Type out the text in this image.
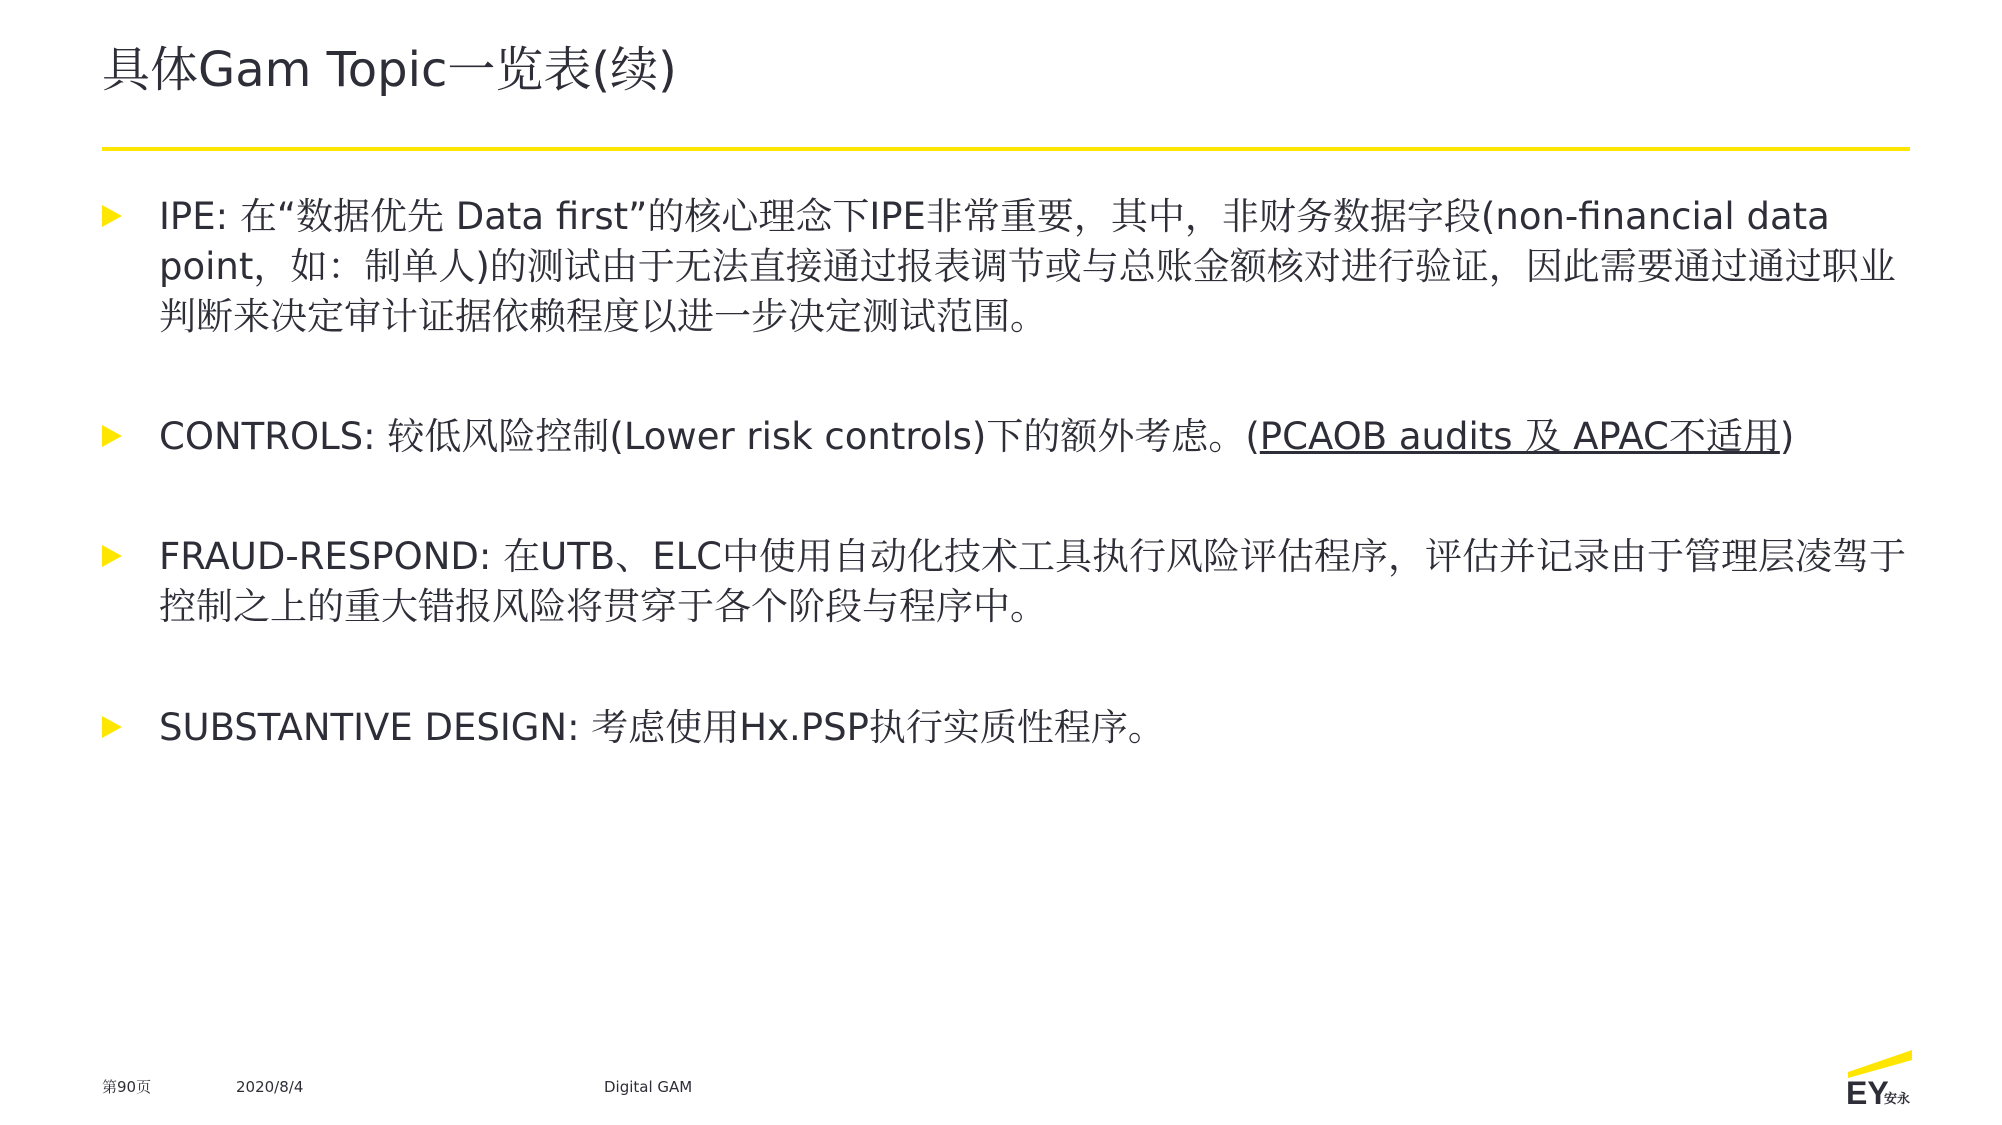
具体Gam Topic一览表(续)
IPE: 在“数据优先 Data first”的核心理念下IPE非常重要，其中，非财务数据字段(non-financial data point，如：制单人)的测试由于无法直接通过报表调节或与总账金额核对进行验证，因此需要通过通过职业判断来决定审计证据依赖程度以进一步决定测试范围。
CONTROLS: 较低风险控制(Lower risk controls)下的额外考虑。(PCAOB audits 及 APAC不适用)
FRAUD-RESPOND: 在UTB、ELC中使用自动化技术工具执行风险评估程序，评估并记录由于管理层凌驾于控制之上的重大错报风险将贯穿于各个阶段与程序中。
SUBSTANTIVE DESIGN: 考虑使用Hx.PSP执行实质性程序。
第90页	2020/8/4	Digital GAM	EY
安永
